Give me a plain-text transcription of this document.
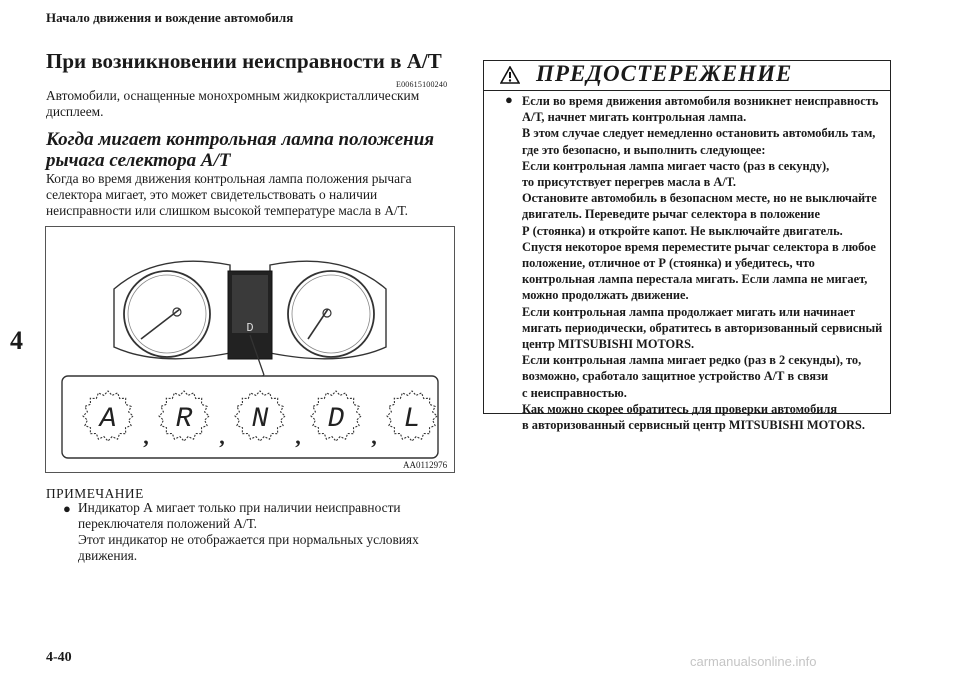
Начало движения и вождение автомобиля
4
При возникновении неисправности в А/Т
E00615100240
Автомобили, оснащенные монохромным жидкокристаллическим дисплеем.
Когда мигает контрольная лампа положения
рычага селектора А/Т
Когда во время движения контрольная лампа положения рычага селектора мигает, это может свидетельствовать о наличии неисправности или слишком высокой температуре масла в А/Т.
D
A
,
R
,
N
,
D
,
L
AA0112976
ПРИМЕЧАНИЕ
● Индикатор А мигает только при наличии неисправности
переключателя положений А/Т.
Этот индикатор не отображается при нормальных условиях
движения.
ПРЕДОСТЕРЕЖЕНИЕ
● Если во время движения автомобиля возникнет неисправность
А/Т, начнет мигать контрольная лампа.
В этом случае следует немедленно остановить автомобиль там,
где это безопасно, и выполнить следующее:
Если контрольная лампа мигает часто (раз в секунду),
то присутствует перегрев масла в А/Т.
Остановите автомобиль в безопасном месте, но не выключайте
двигатель. Переведите рычаг селектора в положение
Р (стоянка) и откройте капот. Не выключайте двигатель.
Спустя некоторое время переместите рычаг селектора в любое
положение, отличное от Р (стоянка) и убедитесь, что
контрольная лампа перестала мигать. Если лампа не мигает,
можно продолжать движение.
Если контрольная лампа продолжает мигать или начинает
мигать периодически, обратитесь в авторизованный сервисный
центр MITSUBISHI MOTORS.
Если контрольная лампа мигает редко (раз в 2 секунды), то,
возможно, сработало защитное устройство А/Т в связи
с неисправностью.
Как можно скорее обратитесь для проверки автомобиля
в авторизованный сервисный центр MITSUBISHI MOTORS.
4-40	carmanualsonline.info
